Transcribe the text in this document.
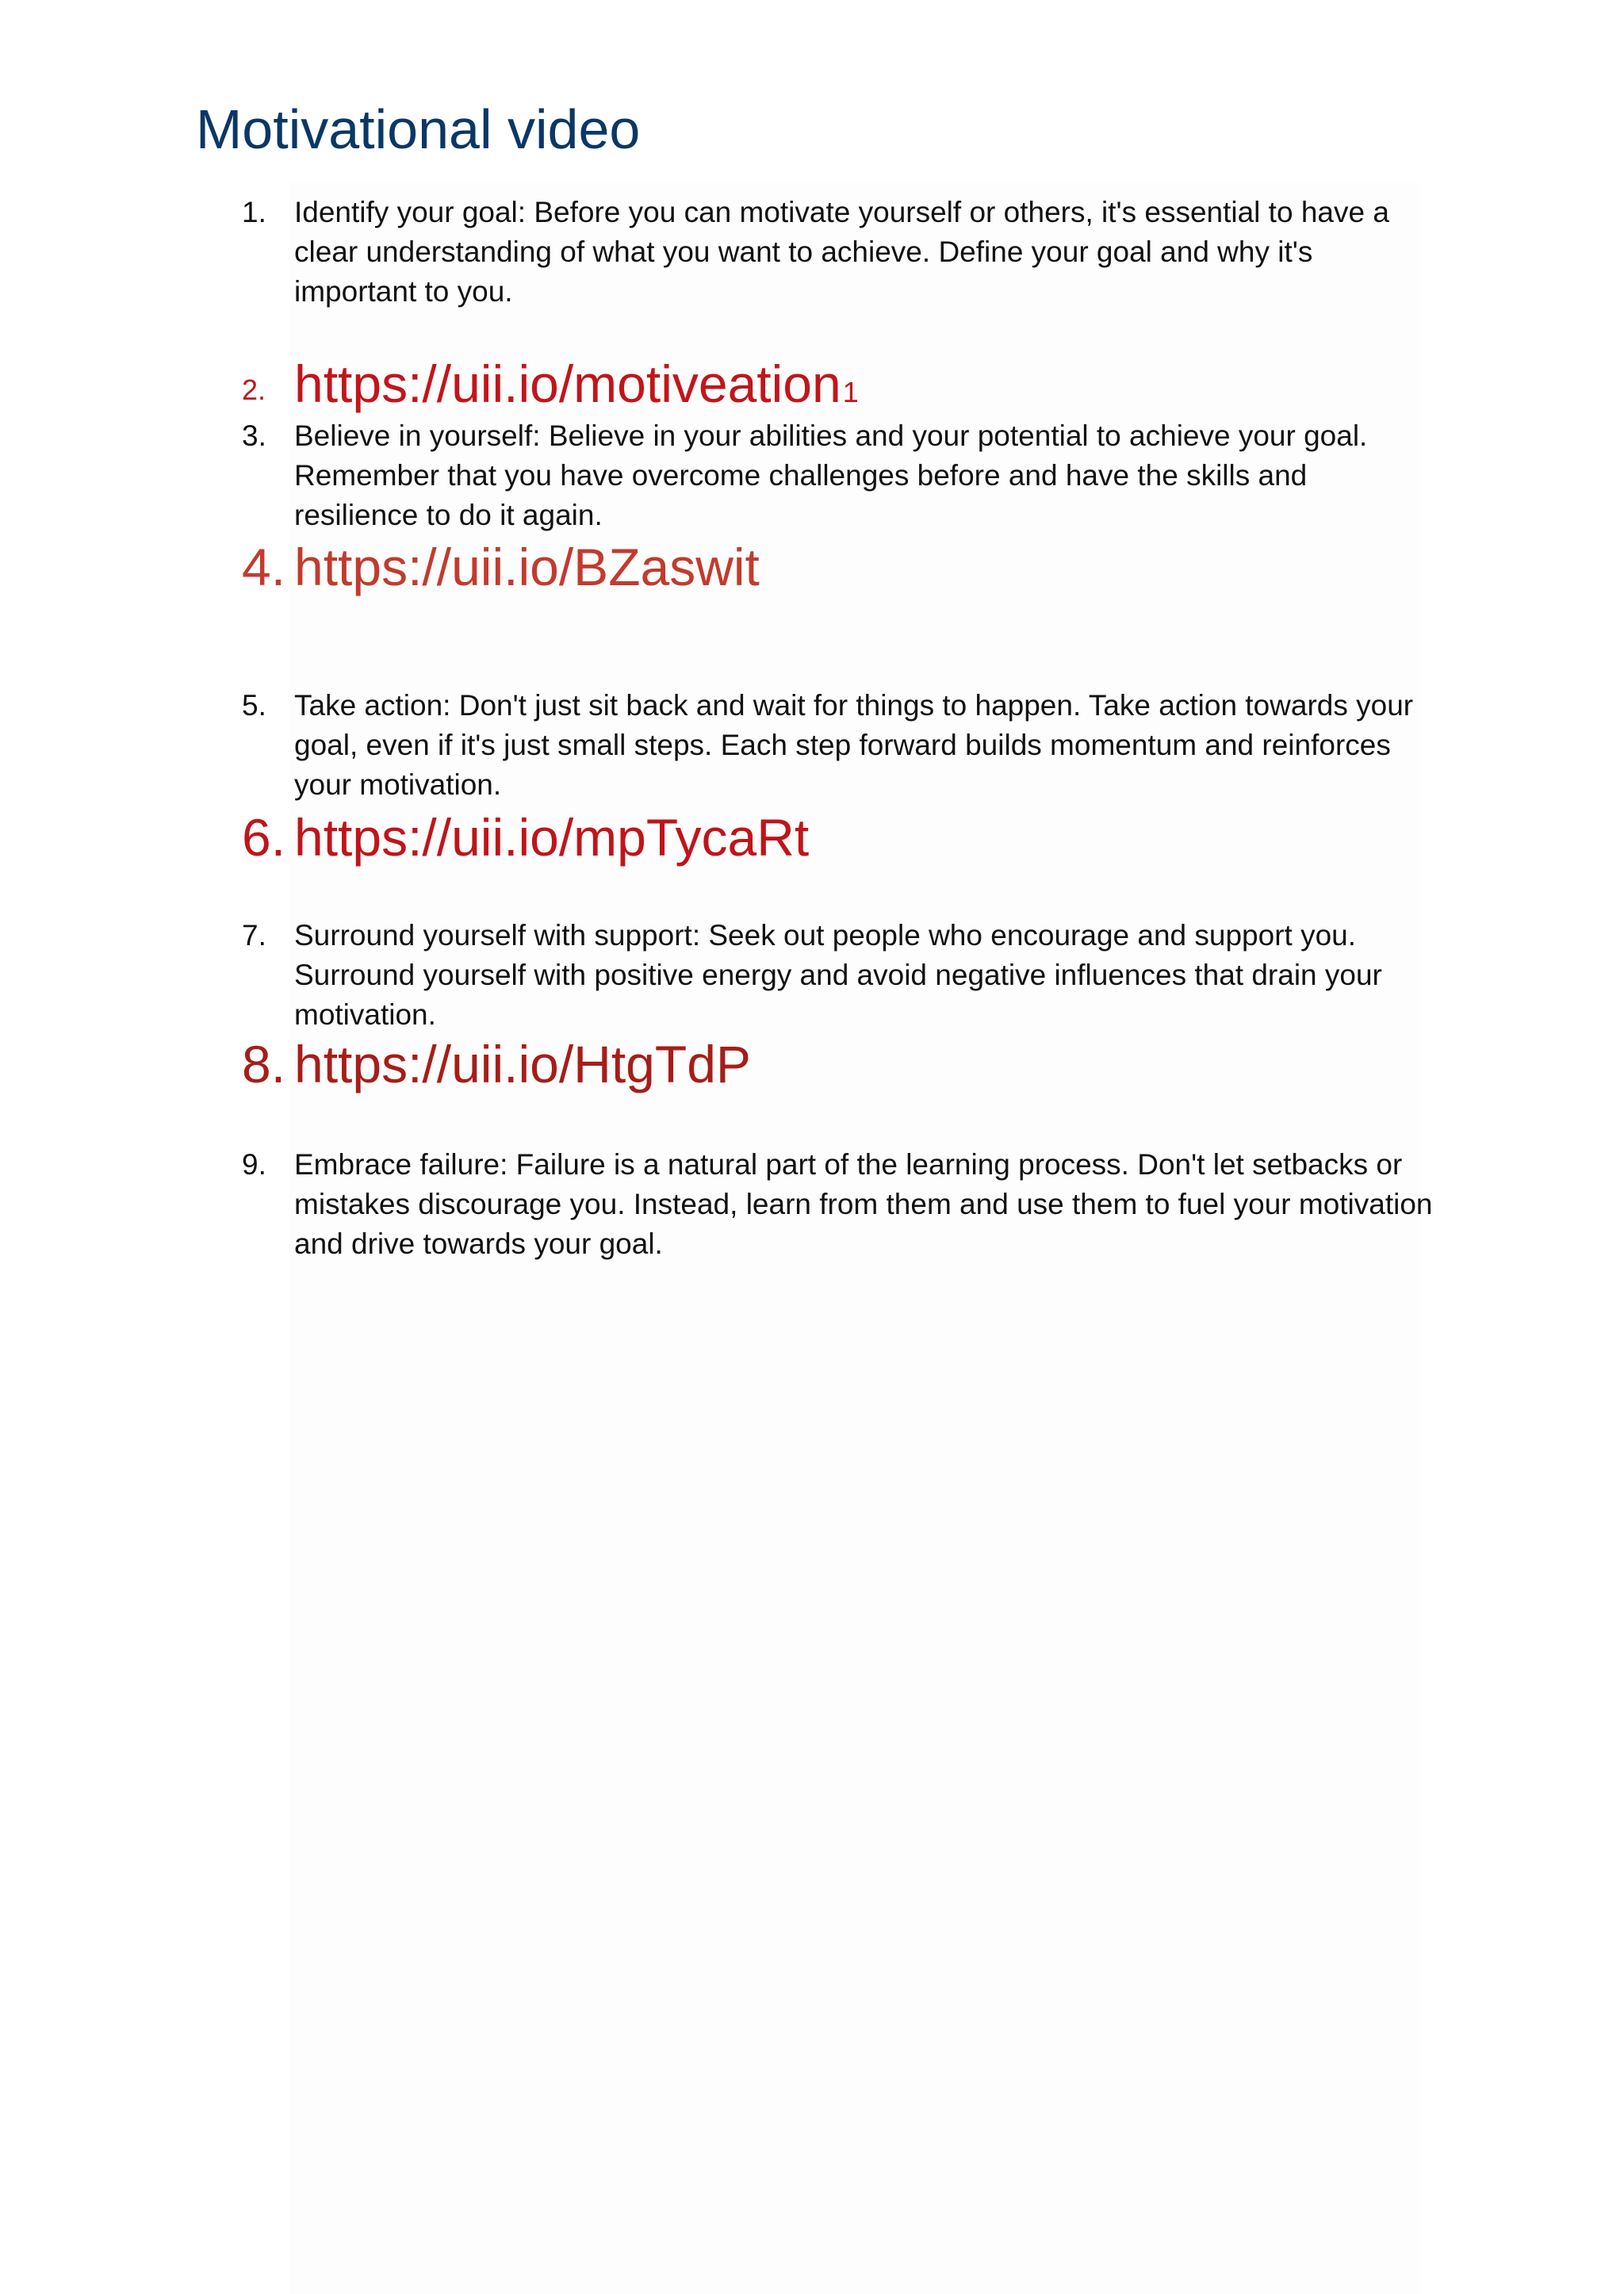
Motivational video
1. Identify your goal: Before you can motivate yourself or others, it's essential to have a clear understanding of what you want to achieve. Define your goal and why it's important to you.
2. https://uii.io/motiveation1
3. Believe in yourself: Believe in your abilities and your potential to achieve your goal. Remember that you have overcome challenges before and have the skills and resilience to do it again.
4. https://uii.io/BZaswit
5. Take action: Don't just sit back and wait for things to happen. Take action towards your goal, even if it's just small steps. Each step forward builds momentum and reinforces your motivation.
6. https://uii.io/mpTycaRt
7. Surround yourself with support: Seek out people who encourage and support you. Surround yourself with positive energy and avoid negative influences that drain your motivation.
8. https://uii.io/HtgTdP
9. Embrace failure: Failure is a natural part of the learning process. Don't let setbacks or mistakes discourage you. Instead, learn from them and use them to fuel your motivation and drive towards your goal.
